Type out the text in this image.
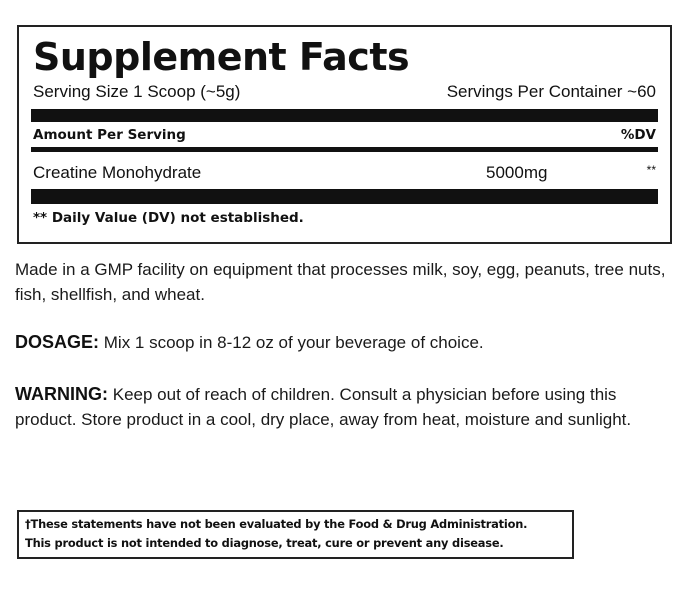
Supplement Facts
Serving Size 1 Scoop (~5g)	Servings Per Container ~60
Amount Per Serving	%DV
Creatine Monohydrate	5000mg	**
** Daily Value (DV) not established.

Made in a GMP facility on equipment that processes milk, soy, egg, peanuts, tree nuts, fish, shellfish, and wheat.

DOSAGE: Mix 1 scoop in 8-12 oz of your beverage of choice.

WARNING: Keep out of reach of children. Consult a physician before using this product. Store product in a cool, dry place, away from heat, moisture and sunlight.

†These statements have not been evaluated by the Food & Drug Administration.
This product is not intended to diagnose, treat, cure or prevent any disease.
